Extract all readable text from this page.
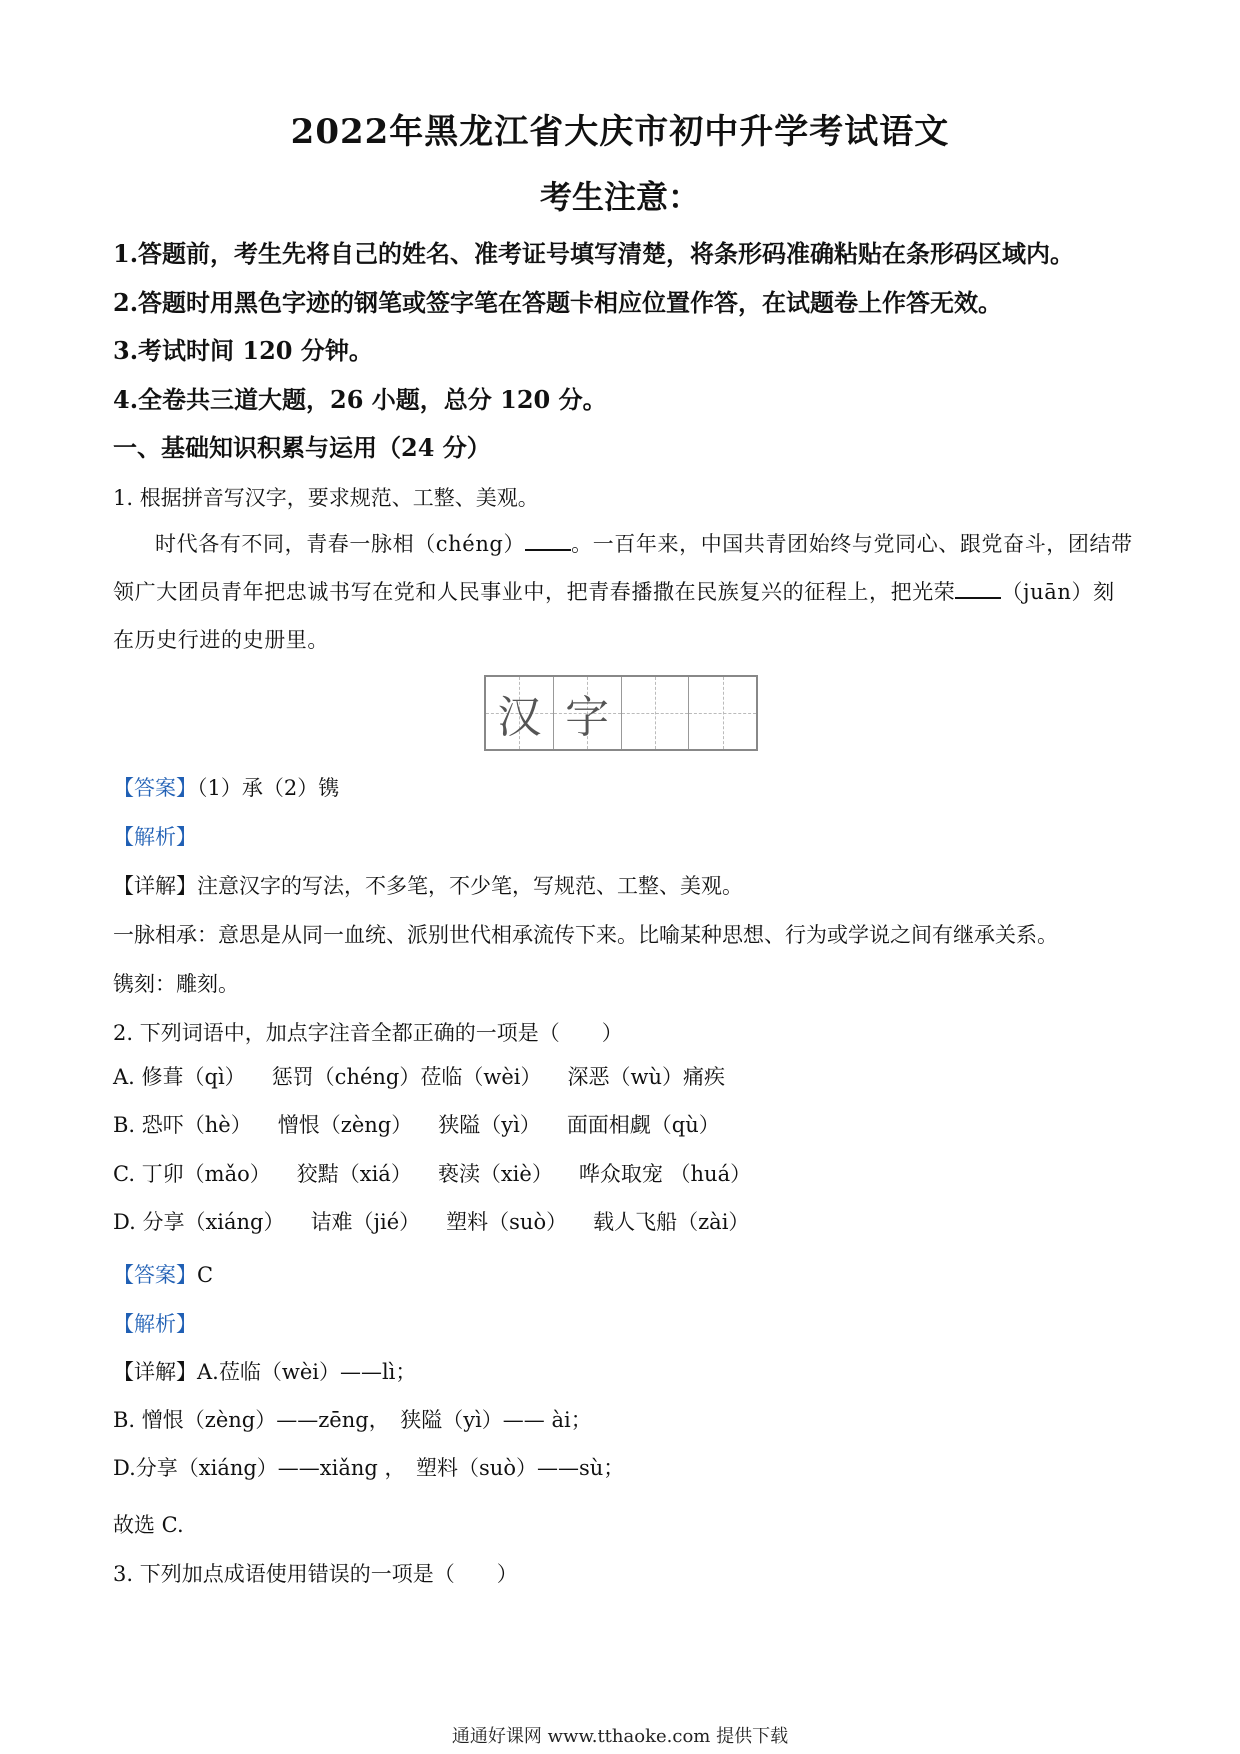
2022年黑龙江省大庆市初中升学考试语文
考生注意：
1.答题前，考生先将自己的姓名、准考证号填写清楚，将条形码准确粘贴在条形码区域内。
2.答题时用黑色字迹的钢笔或签字笔在答题卡相应位置作答，在试题卷上作答无效。
3.考试时间 120 分钟。
4.全卷共三道大题，26 小题，总分 120 分。
一、基础知识积累与运用（24 分）
1. 根据拼音写汉字，要求规范、工整、美观。
时代各有不同，青春一脉相（chéng） 。一百年来，中国共青团始终与党同心、跟党奋斗，团结带领广大团员青年把忠诚书写在党和人民事业中，把青春播撒在民族复兴的征程上，把光荣 （juān）刻在历史行进的史册里。
汉 字
【答案】（1）承（2）镌
【解析】
【详解】注意汉字的写法，不多笔，不少笔，写规范、工整、美观。
一脉相承：意思是从同一血统、派别世代相承流传下来。比喻某种思想、行为或学说之间有继承关系。
镌刻：雕刻。
2. 下列词语中，加点字注音全都正确的一项是（　　）
A. 修葺（qì） 惩罚（chéng）莅临（wèi） 深恶（wù）痛疾
B. 恐吓（hè） 憎恨（zèng） 狭隘（yì） 面面相觑（qù）
C. 丁卯（mǎo） 狡黠（xiá） 亵渎（xiè） 哗众取宠 （huá）
D. 分享（xiáng） 诘难（jié） 塑料（suò） 载人飞船（zài）
【答案】C
【解析】
【详解】A.莅临（wèi）——lì；
B. 憎恨（zèng）——zēng，　狭隘（yì）—— ài；
D.分享（xiáng）——xiǎng ，　塑料（suò）——sù；
故选 C.
3. 下列加点成语使用错误的一项是（　　）
通通好课网 www.tthaoke.com 提供下载
